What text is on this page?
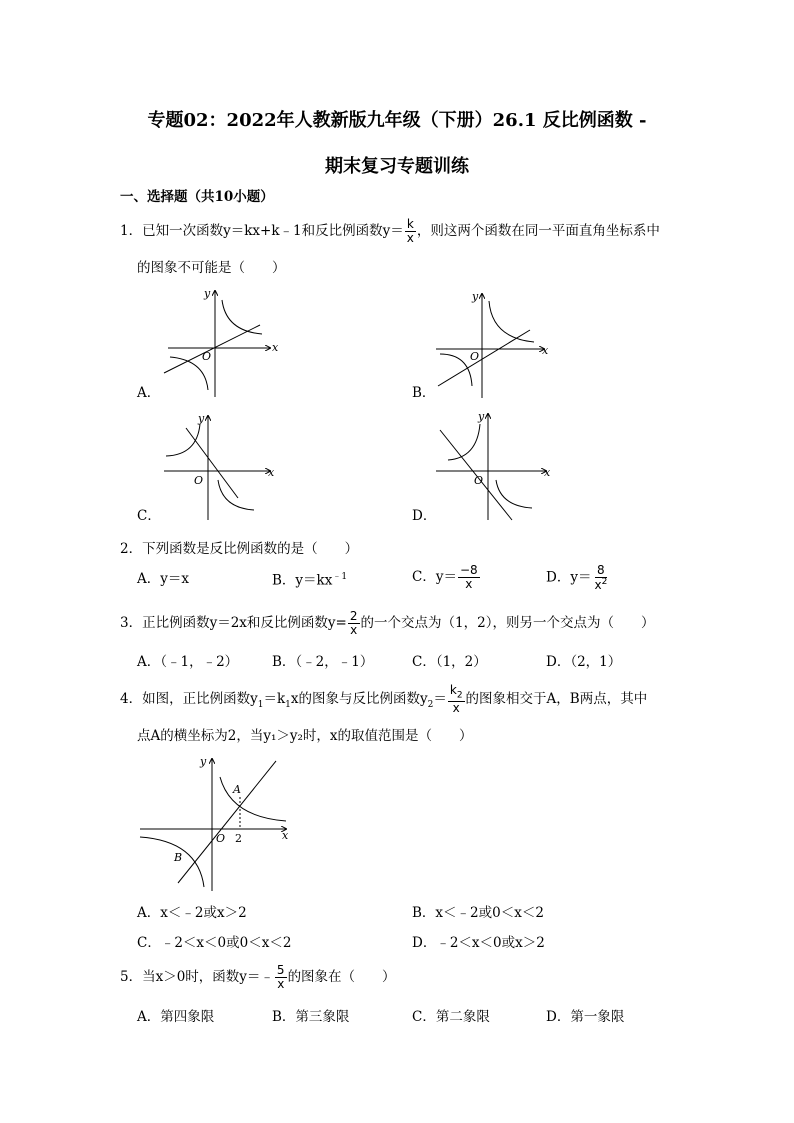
专题02：2022年人教新版九年级（下册）26.1 反比例函数 -
期末复习专题训练
一、选择题（共10小题）
1．已知一次函数y＝kx+k﹣1和反比例函数$y= \frac{k}{x}$ ，则这两个函数在同一平面直角坐标系中
的图象不可能是（　　）
x
y
O
A．
x
y
O
B．
x
y
O
C．
x
y
O
D．
2．下列函数是反比例函数的是（　　）
A．y＝x	B．$y=kx^{﹣1}$	C．$y= \frac{-8}{x}$	D．$y= \frac{8}{x^2}$
3．正比例函数y＝2x和反比例函数$y= \frac{2}{x}$ 的一个交点为（1，2），则另一个交点为（　　）
A．（﹣1，﹣2）	B．（﹣2，﹣1）	C．（1，2）	D．（2，1）
4．如图，正比例函数$y_1=k_1x$的图象与反比例函数$y_2= \frac{k_2}{x}$ 的图象相交于A，B两点，其中
点A的横坐标为2，当y₁＞y₂时，x的取值范围是（　　）
A
B
2	x
y
O
A．x＜﹣2或x＞2	B．x＜﹣2或0＜x＜2
C．﹣2＜x＜0或0＜x＜2	D．﹣2＜x＜0或x＞2
5．当x＞0时，函数y＝﹣ $\frac{5}{x}$ 的图象在（　　）
A．第四象限	B．第三象限	C．第二象限	D．第一象限
